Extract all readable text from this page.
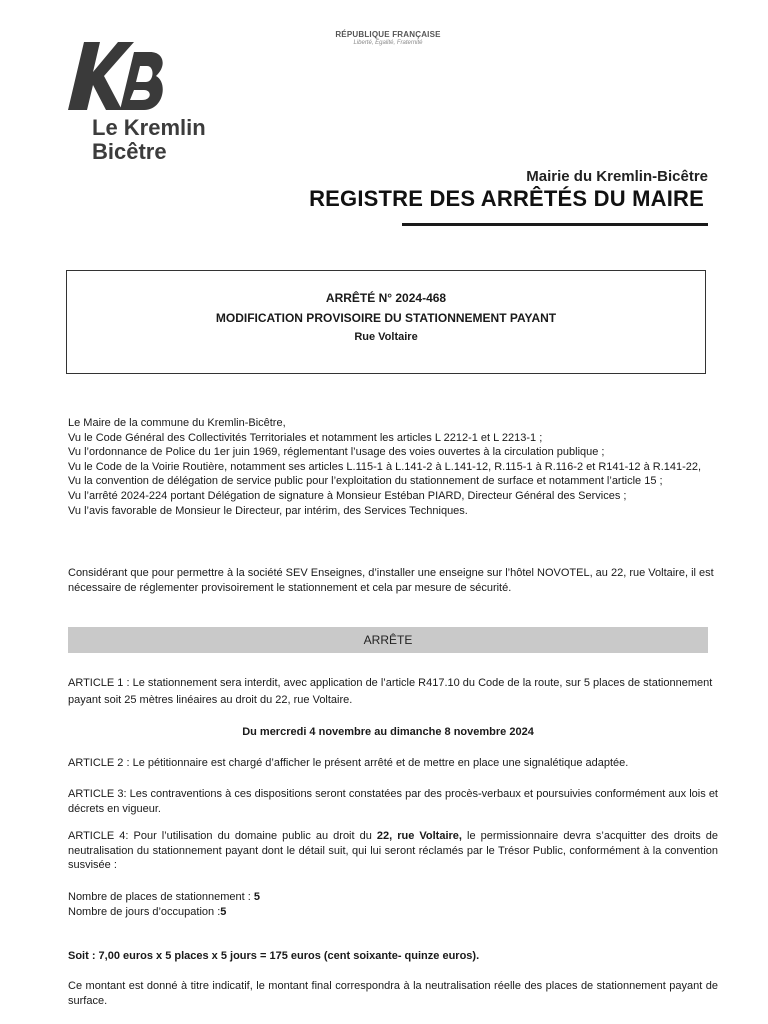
Le Kremlin
Bicêtre
RÉPUBLIQUE FRANÇAISE
Liberté, Égalité, Fraternité
Mairie du Kremlin-Bicêtre
REGISTRE DES ARRÊTÉS DU MAIRE
ARRÊTÉ N° 2024-468
MODIFICATION PROVISOIRE DU STATIONNEMENT PAYANT
Rue Voltaire

Le Maire de la commune du Kremlin-Bicêtre,

Vu le Code Général des Collectivités Territoriales et notamment les articles L 2212-1 et L 2213-1 ;

Vu l’ordonnance de Police du 1er juin 1969, réglementant l’usage des voies ouvertes à la circulation publique ;

Vu le Code de la Voirie Routière, notamment ses articles L.115-1 à L.141-2 à L.141-12, R.115-1 à R.116-2 et R141-12 à R.141-22,

Vu la convention de délégation de service public pour l’exploitation du stationnement de surface et notamment l’article 15 ;

Vu l’arrêté 2024-224 portant Délégation de signature à Monsieur Estéban PIARD, Directeur Général des Services ;

Vu l’avis favorable de Monsieur le Directeur, par intérim, des Services Techniques.

Considérant que pour permettre à la société SEV Enseignes, d’installer une enseigne sur l’hôtel NOVOTEL, au 22, rue Voltaire, il est nécessaire de réglementer provisoirement le stationnement et cela par mesure de sécurité.
ARRÊTE
ARTICLE 1 : Le stationnement sera interdit, avec application de l’article R417.10 du Code de la route, sur 5 places de stationnement payant soit 25 mètres linéaires au droit du 22, rue Voltaire.
Du mercredi 4 novembre au dimanche 8 novembre 2024
ARTICLE 2 : Le pétitionnaire est chargé d’afficher le présent arrêté et de mettre en place une signalétique adaptée.
ARTICLE 3: Les contraventions à ces dispositions seront constatées par des procès-verbaux et poursuivies conformément aux lois et décrets en vigueur.
ARTICLE 4: Pour l’utilisation du domaine public au droit du 22, rue Voltaire, le permissionnaire devra s’acquitter des droits de neutralisation du stationnement payant dont le détail suit, qui lui seront réclamés par le Trésor Public, conformément à la convention susvisée :

Nombre de places de stationnement : 5

Nombre de jours d’occupation :5

Soit : 7,00 euros x 5 places x 5 jours = 175 euros (cent soixante- quinze euros).
Ce montant est donné à titre indicatif, le montant final correspondra à la neutralisation réelle des places de stationnement payant de surface.
